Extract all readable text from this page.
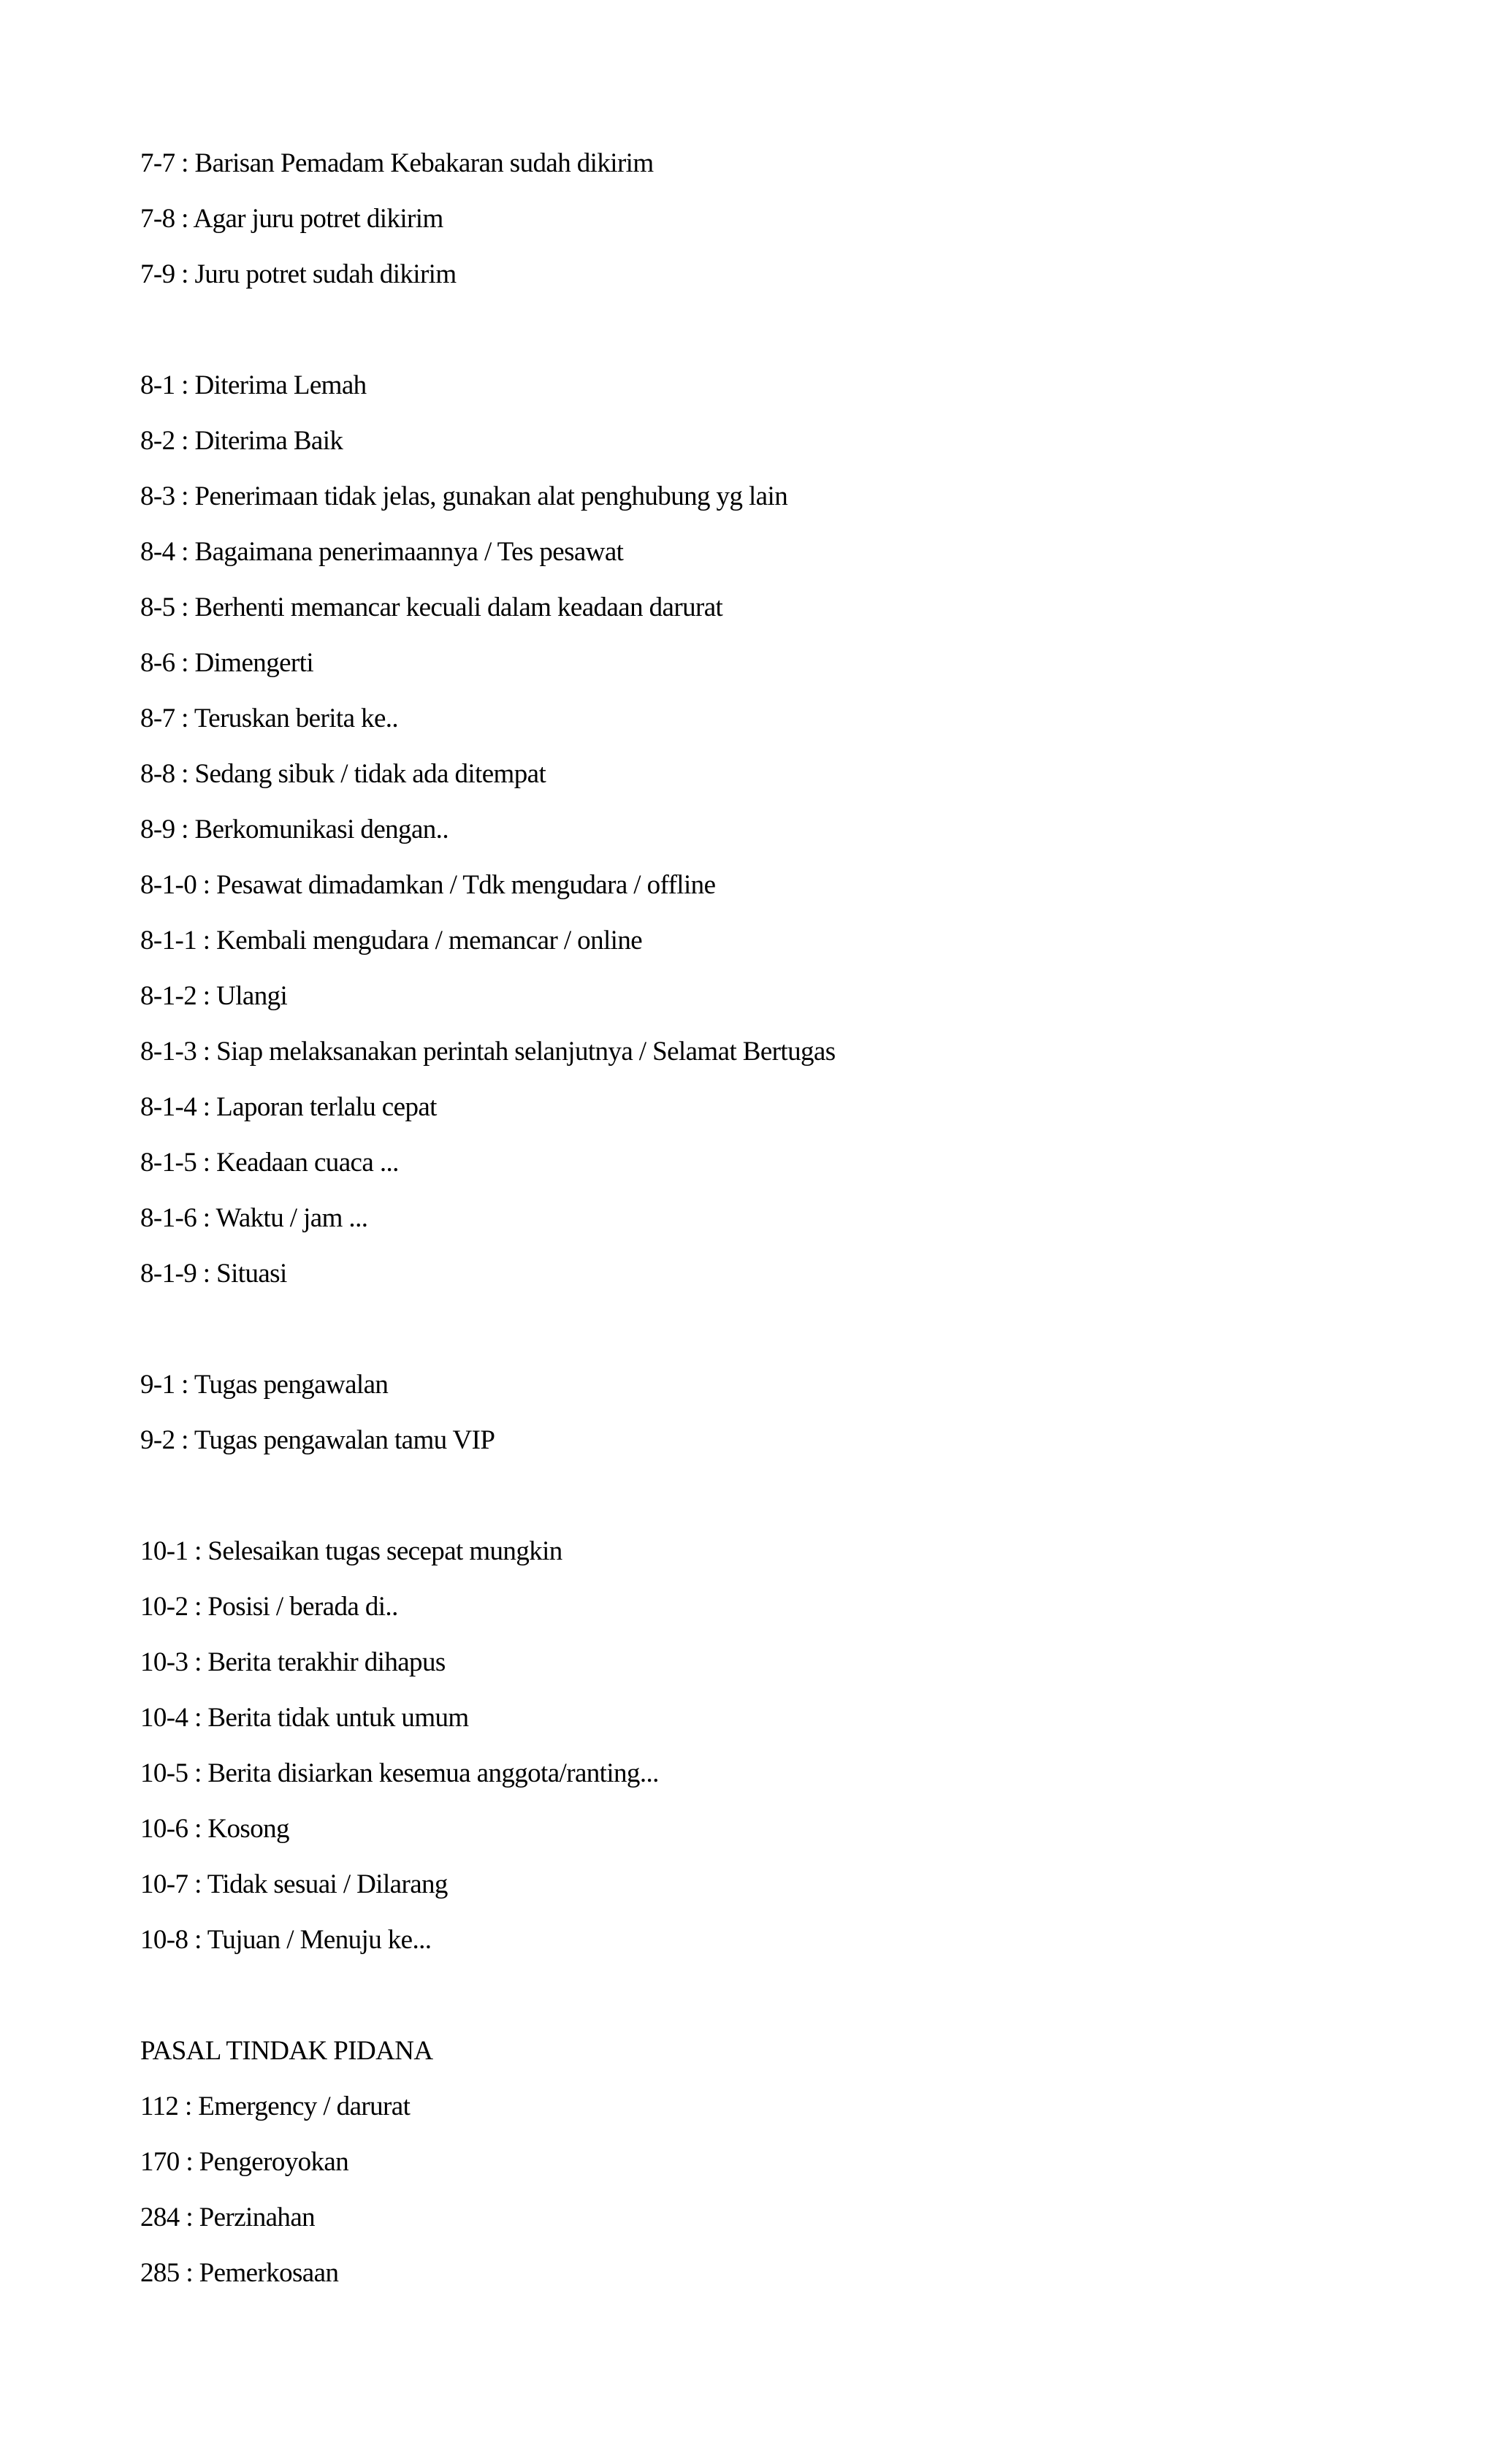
7-7 : Barisan Pemadam Kebakaran sudah dikirim
7-8 : Agar juru potret dikirim
7-9 : Juru potret sudah dikirim
8-1 : Diterima Lemah
8-2 : Diterima Baik
8-3 : Penerimaan tidak jelas, gunakan alat penghubung yg lain
8-4 : Bagaimana penerimaannya / Tes pesawat
8-5 : Berhenti memancar kecuali dalam keadaan darurat
8-6 : Dimengerti
8-7 : Teruskan berita ke..
8-8 : Sedang sibuk / tidak ada ditempat
8-9 : Berkomunikasi dengan..
8-1-0 : Pesawat dimadamkan / Tdk mengudara / offline
8-1-1 : Kembali mengudara / memancar / online
8-1-2 : Ulangi
8-1-3 : Siap melaksanakan perintah selanjutnya / Selamat Bertugas
8-1-4 : Laporan terlalu cepat
8-1-5 : Keadaan cuaca ...
8-1-6 : Waktu / jam ...
8-1-9 : Situasi
9-1 : Tugas pengawalan
9-2 : Tugas pengawalan tamu VIP
10-1 : Selesaikan tugas secepat mungkin
10-2 : Posisi / berada di..
10-3 : Berita terakhir dihapus
10-4 : Berita tidak untuk umum
10-5 : Berita disiarkan kesemua anggota/ranting...
10-6 : Kosong
10-7 : Tidak sesuai / Dilarang
10-8 : Tujuan / Menuju ke...
PASAL TINDAK PIDANA
112 : Emergency / darurat
170 : Pengeroyokan
284 : Perzinahan
285 : Pemerkosaan
